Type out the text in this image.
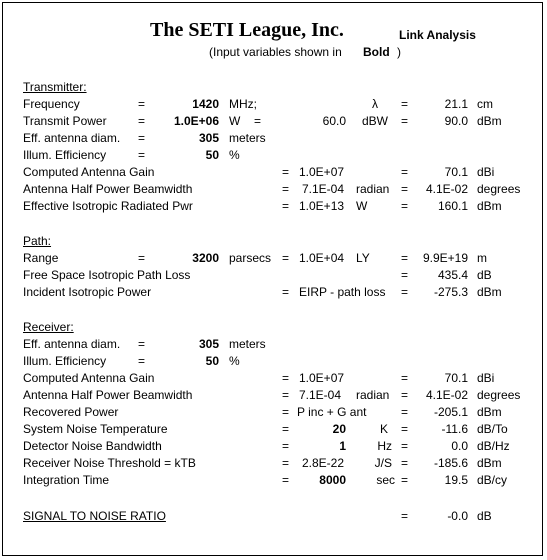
The SETI League, Inc.	Link Analysis
(Input variables shown in Bold )
Transmitter:
Frequency	=	1420 MHz;	λ =	21.1 cm
Transmit Power	= 1.0E+06 W =	60.0 dBW =	90.0 dBm
Eff. antenna diam. =	305 meters
Illum. Efficiency	=	50 %
Computed Antenna Gain	= 1.0E+07	=	70.1 dBi
Antenna Half Power Beamwidth	= 7.1E-04 radian = 4.1E-02 degrees
Effective Isotropic Radiated Pwr	= 1.0E+13 W	= 160.1 dBm
Path:
Range	=	3200 parsecs = 1.0E+04 LY	= 9.9E+19 m
Free Space Isotropic Path Loss	= 435.4 dB
Incident Isotropic Power	= EIRP - path loss = -275.3 dBm
Receiver:
Eff. antenna diam. =	305 meters
Illum. Efficiency	=	50 %
Computed Antenna Gain	= 1.0E+07	=	70.1 dBi
Antenna Half Power Beamwidth	= 7.1E-04 radian = 4.1E-02 degrees
Recovered Power	= P inc + G ant	= -205.1 dBm
System Noise Temperature	=	20	K =	-11.6 dB/To
Detector Noise Bandwidth	=	1	Hz =	0.0 dB/Hz
Receiver Noise Threshold = kTB	= 2.8E-22	J/S = -185.6 dBm
Integration Time	=	8000	sec =	19.5 dB/cy
SIGNAL TO NOISE RATIO	=	-0.0 dB
